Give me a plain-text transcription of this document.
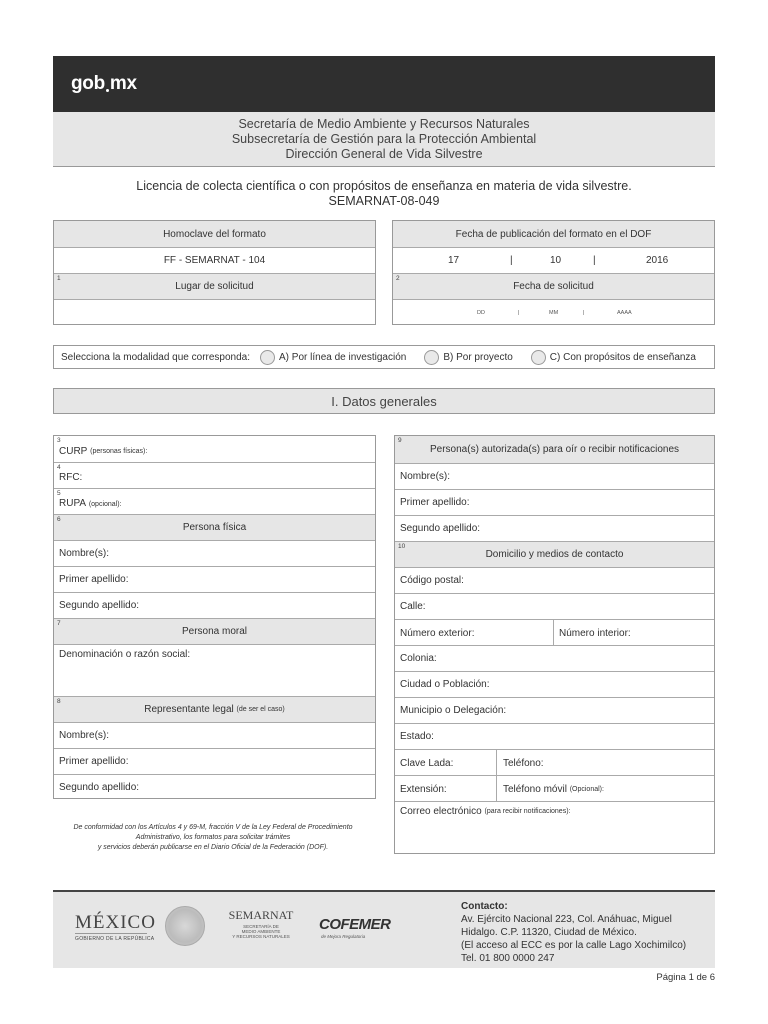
gob mx
Secretaría de Medio Ambiente y Recursos Naturales
Subsecretaría de Gestión para la Protección Ambiental
Dirección General de Vida Silvestre
Licencia de colecta científica o con propósitos de enseñanza en materia de vida silvestre.
SEMARNAT-08-049
Homoclave del formato
FF - SEMARNAT - 104
1
Lugar de solicitud
Fecha de publicación del formato en el DOF
17	|	10	|	2016
2
Fecha de solicitud
DD	|	MM	|	AAAA
Selecciona la modalidad que corresponda:	A) Por línea de investigación	B) Por proyecto	C) Con propósitos de enseñanza
I. Datos generales
3
CURP
(personas físicas):
4
RFC:
5
RUPA
(opcional):
6
Persona física
Nombre(s):
Primer apellido:
Segundo apellido:
7
Persona moral
Denominación o razón social:
8
Representante legal
(de ser el caso)
Nombre(s):
Primer apellido:
Segundo apellido:
9
Persona(s) autorizada(s) para oír o recibir notificaciones
Nombre(s):
Primer apellido:
Segundo apellido:
10
Domicilio y medios de contacto
Código postal:
Calle:
Número exterior:	Número interior:
Colonia:
Ciudad o Población:
Municipio o Delegación:
Estado:
Clave Lada:	Teléfono:
Extensión:	Teléfono móvil
(Opcional):
Correo electrónico
(para recibir notificaciones):
De conformidad con los Artículos 4 y 69-M, fracción V de la Ley Federal de Procedimiento
Administrativo, los formatos para solicitar trámites
y servicios deberán publicarse en el Diario Oficial de la Federación (DOF).
MÉXICO
GOBIERNO DE LA REPÚBLICA
SEMARNAT
SECRETARÍA DE
MEDIO AMBIENTE
Y RECURSOS NATURALES
COFEMER
de Mejora Regulatoria
Contacto:
Av. Ejército Nacional 223, Col. Anáhuac, Miguel
Hidalgo. C.P. 11320, Ciudad de México.
(El acceso al ECC es por la calle Lago Xochimilco)
Tel. 01 800 0000 247
Página 1 de 6
